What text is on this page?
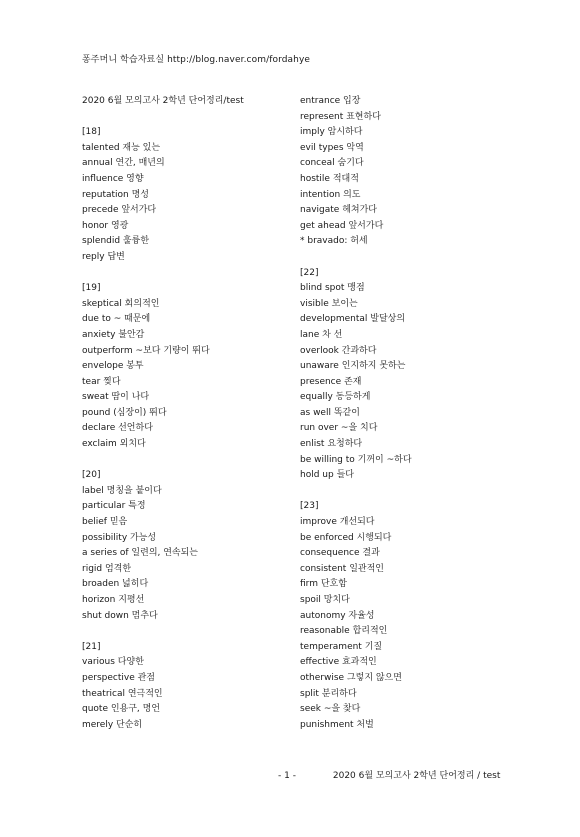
퐁주머니 학습자료실 http://blog.naver.com/fordahye
2020 6월 모의고사 2학년 단어정리/test
[18]
talented 재능 있는
annual 연간, 매년의
influence 영향
reputation 명성
precede 앞서가다
honor 영광
splendid 훌륭한
reply 답변
[19]
skeptical 회의적인
due to ~ 때문에
anxiety 불안감
outperform ~보다 기량이 뛰다
envelope 봉투
tear 찢다
sweat 땀이 나다
pound (심장이) 뛰다
declare 선언하다
exclaim 외치다
[20]
label 명칭을 붙이다
particular 특정
belief 믿음
possibility 가능성
a series of 일련의, 연속되는
rigid 엄격한
broaden 넓히다
horizon 지평선
shut down 멈추다
[21]
various 다양한
perspective 관점
theatrical 연극적인
quote 인용구, 명언
merely 단순히
entrance 입장
represent 표현하다
imply 암시하다
evil types 악역
conceal 숨기다
hostile 적대적
intention 의도
navigate 헤쳐가다
get ahead 앞서가다
* bravado: 허세
[22]
blind spot 맹점
visible 보이는
developmental 발달상의
lane 차 선
overlook 간과하다
unaware 인지하지 못하는
presence 존재
equally 동등하게
as well 똑같이
run over ~을 치다
enlist 요청하다
be willing to 기꺼이 ~하다
hold up 들다
[23]
improve 개선되다
be enforced 시행되다
consequence 결과
consistent 일관적인
firm 단호함
spoil 망치다
autonomy 자율성
reasonable 합리적인
temperament 기질
effective 효과적인
otherwise 그렇지 않으면
split 분리하다
seek ~을 찾다
punishment 처벌
- 1 -	2020 6월 모의고사 2학년 단어정리 / test
